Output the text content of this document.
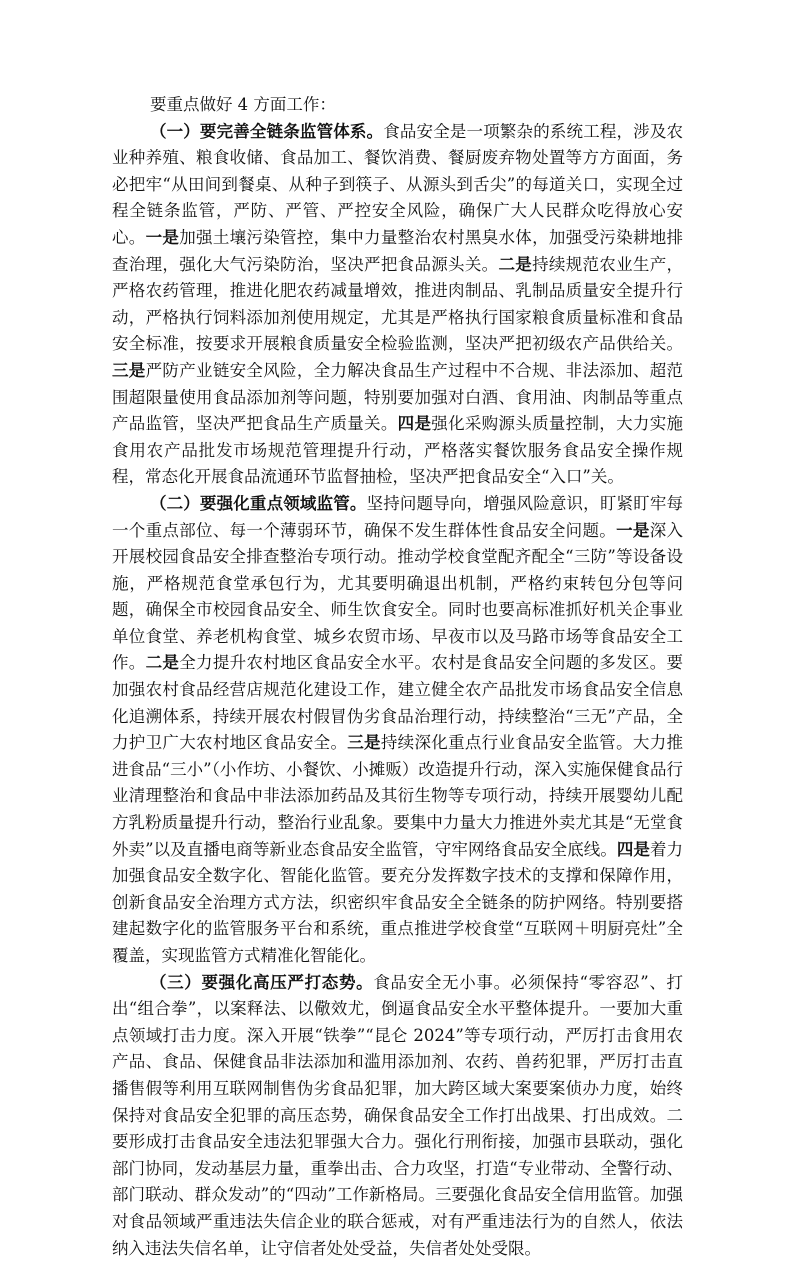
要重点做好 4 方面工作：

（一）要完善全链条监管体系。食品安全是一项繁杂的系统工程，涉及农业种养殖、粮食收储、食品加工、餐饮消费、餐厨废弃物处置等方方面面，务必把牢“从田间到餐桌、从种子到筷子、从源头到舌尖”的每道关口，实现全过程全链条监管，严防、严管、严控安全风险，确保广大人民群众吃得放心安心。一是加强土壤污染管控，集中力量整治农村黑臭水体，加强受污染耕地排查治理，强化大气污染防治，坚决严把食品源头关。二是持续规范农业生产，严格农药管理，推进化肥农药减量增效，推进肉制品、乳制品质量安全提升行动，严格执行饲料添加剂使用规定，尤其是严格执行国家粮食质量标准和食品安全标准，按要求开展粮食质量安全检验监测，坚决严把初级农产品供给关。三是严防产业链安全风险，全力解决食品生产过程中不合规、非法添加、超范围超限量使用食品添加剂等问题，特别要加强对白酒、食用油、肉制品等重点产品监管，坚决严把食品生产质量关。四是强化采购源头质量控制，大力实施食用农产品批发市场规范管理提升行动，严格落实餐饮服务食品安全操作规程，常态化开展食品流通环节监督抽检，坚决严把食品安全“入口”关。

（二）要强化重点领域监管。坚持问题导向，增强风险意识，盯紧盯牢每一个重点部位、每一个薄弱环节，确保不发生群体性食品安全问题。一是深入开展校园食品安全排查整治专项行动。推动学校食堂配齐配全“三防”等设备设施，严格规范食堂承包行为，尤其要明确退出机制，严格约束转包分包等问题，确保全市校园食品安全、师生饮食安全。同时也要高标准抓好机关企事业单位食堂、养老机构食堂、城乡农贸市场、早夜市以及马路市场等食品安全工作。二是全力提升农村地区食品安全水平。农村是食品安全问题的多发区。要加强农村食品经营店规范化建设工作，建立健全农产品批发市场食品安全信息化追溯体系，持续开展农村假冒伪劣食品治理行动，持续整治“三无”产品，全力护卫广大农村地区食品安全。三是持续深化重点行业食品安全监管。大力推进食品“三小”（小作坊、小餐饮、小摊贩）改造提升行动，深入实施保健食品行业清理整治和食品中非法添加药品及其衍生物等专项行动，持续开展婴幼儿配方乳粉质量提升行动，整治行业乱象。要集中力量大力推进外卖尤其是“无堂食外卖”以及直播电商等新业态食品安全监管，守牢网络食品安全底线。四是着力加强食品安全数字化、智能化监管。要充分发挥数字技术的支撑和保障作用，创新食品安全治理方式方法，织密织牢食品安全全链条的防护网络。特别要搭建起数字化的监管服务平台和系统，重点推进学校食堂“互联网＋明厨亮灶”全覆盖，实现监管方式精准化智能化。

（三）要强化高压严打态势。食品安全无小事。必须保持“零容忍”、打出“组合拳”，以案释法、以儆效尤，倒逼食品安全水平整体提升。一要加大重点领域打击力度。深入开展“铁拳”“昆仑 2024”等专项行动，严厉打击食用农产品、食品、保健食品非法添加和滥用添加剂、农药、兽药犯罪，严厉打击直播售假等利用互联网制售伪劣食品犯罪，加大跨区域大案要案侦办力度，始终保持对食品安全犯罪的高压态势，确保食品安全工作打出战果、打出成效。二要形成打击食品安全违法犯罪强大合力。强化行刑衔接，加强市县联动，强化部门协同，发动基层力量，重拳出击、合力攻坚，打造“专业带动、全警行动、部门联动、群众发动”的“四动”工作新格局。三要强化食品安全信用监管。加强对食品领域严重违法失信企业的联合惩戒，对有严重违法行为的自然人，依法纳入违法失信名单，让守信者处处受益，失信者处处受限。
